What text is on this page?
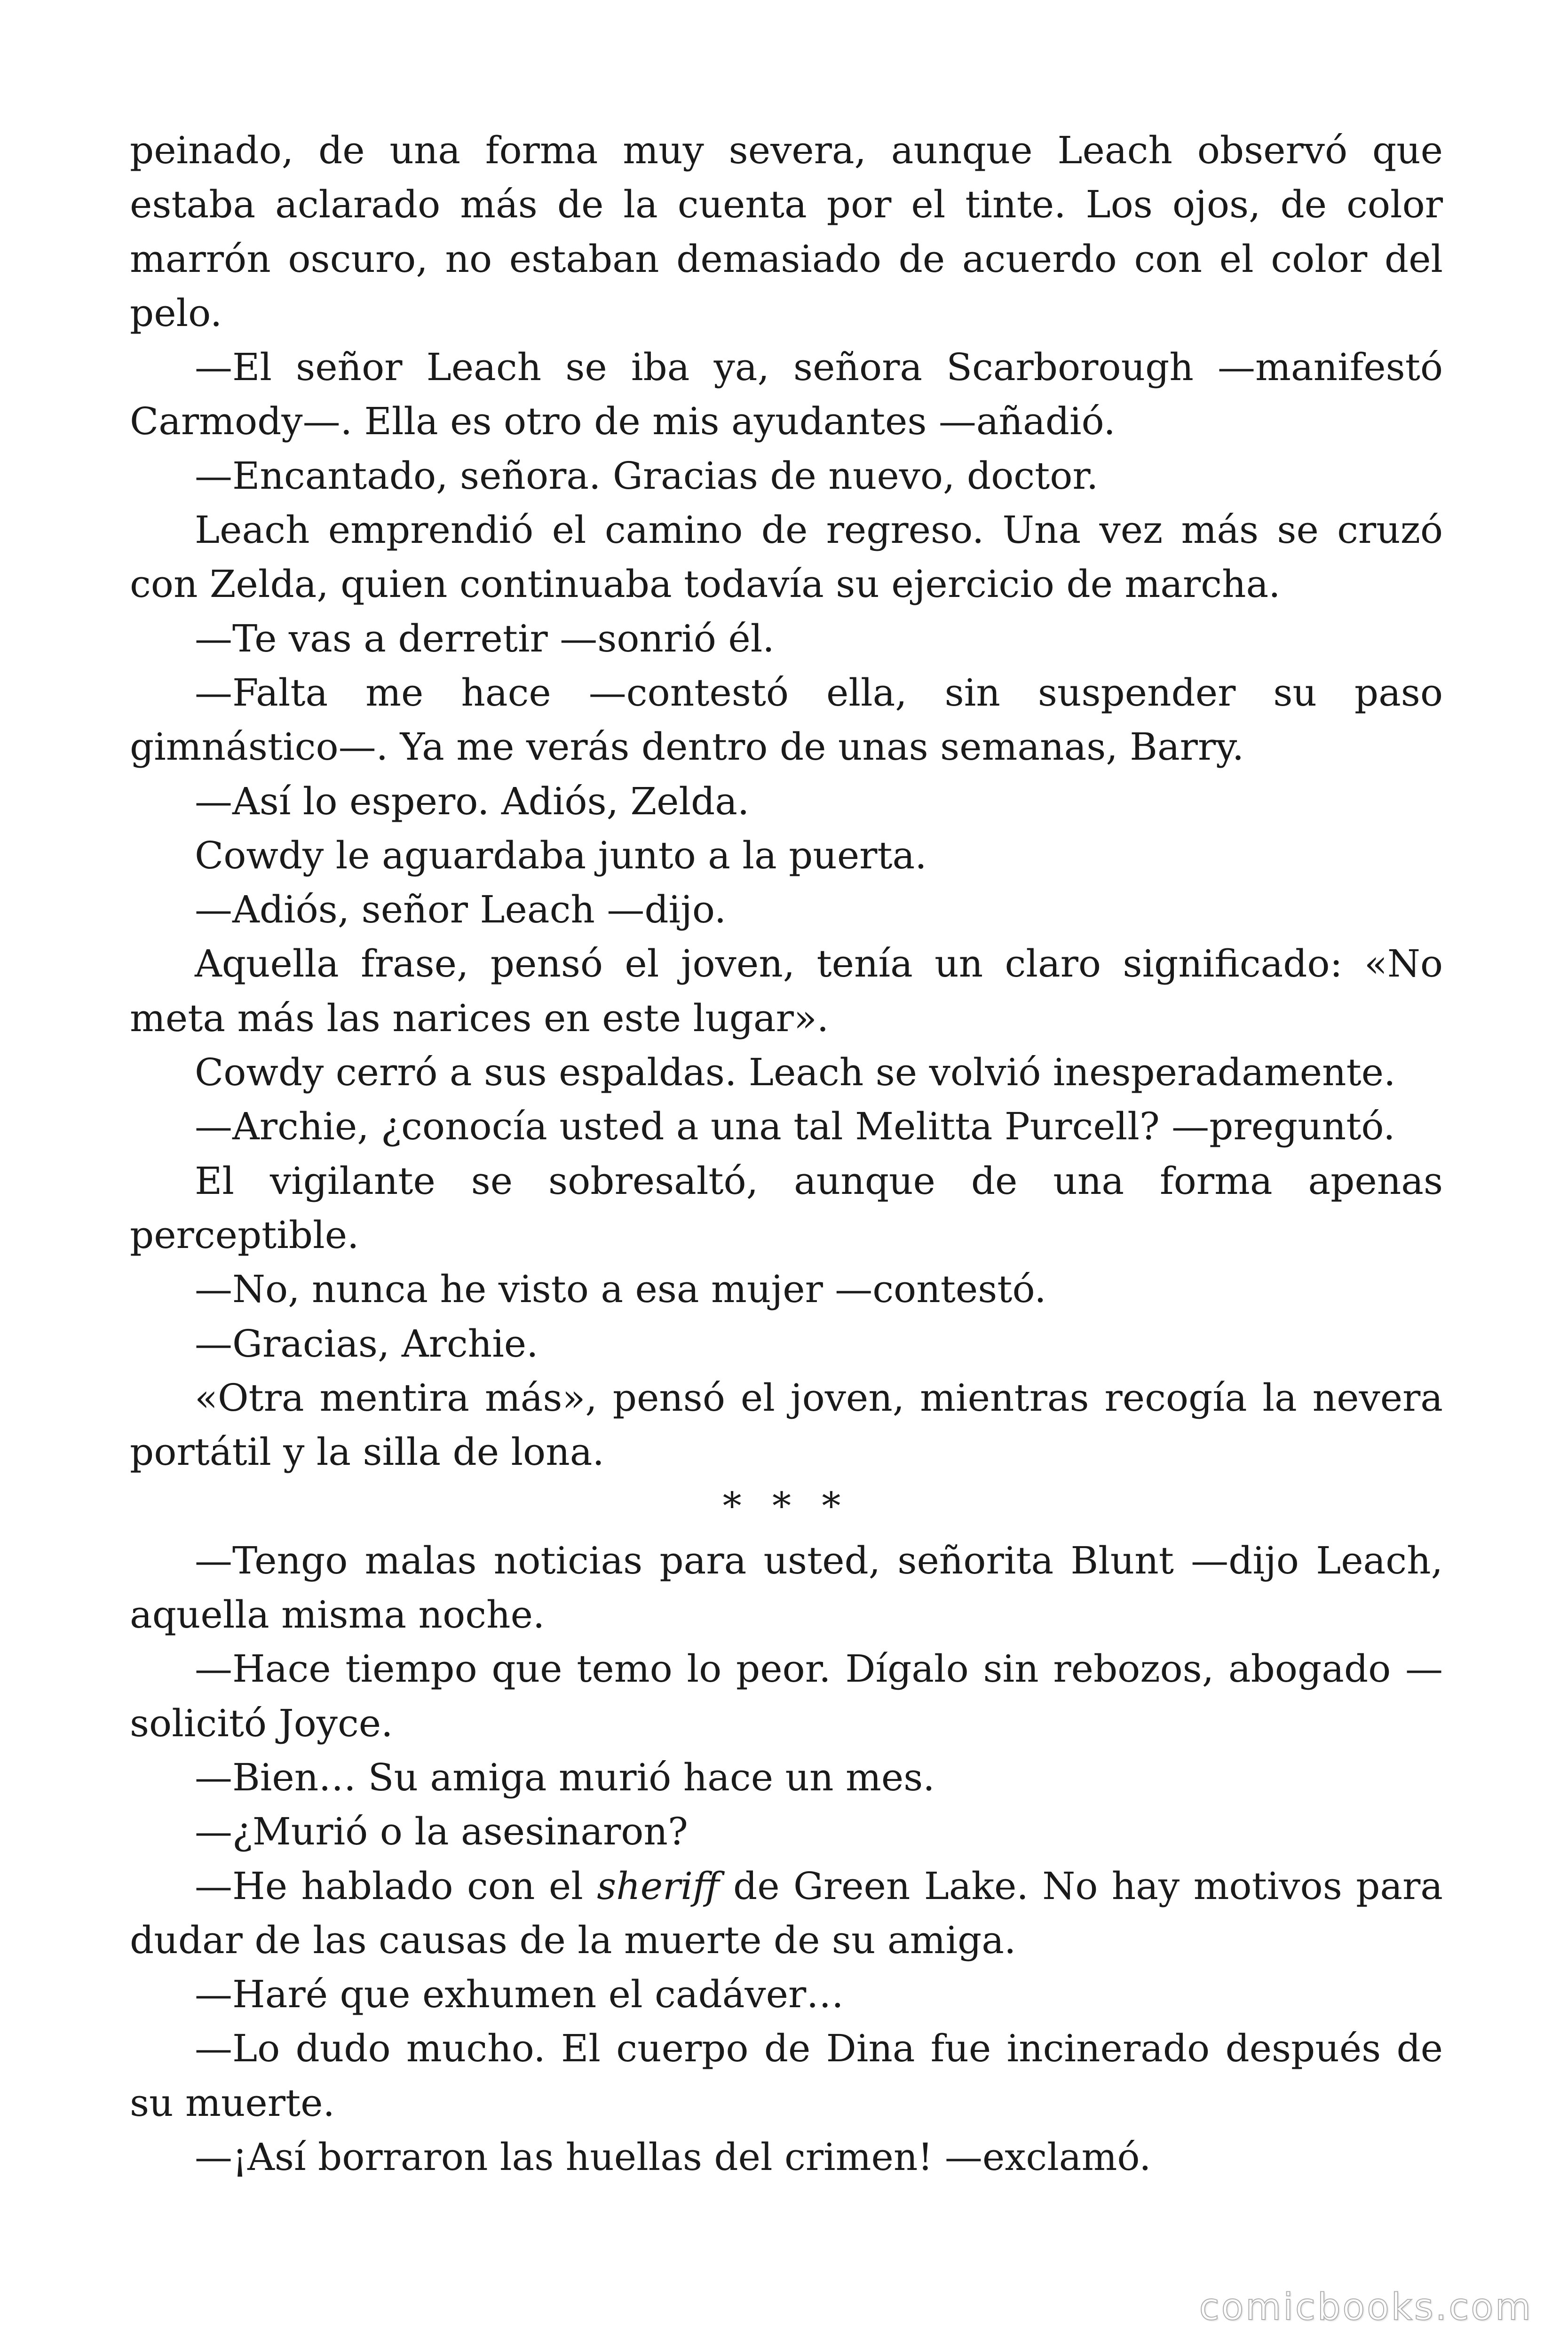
peinado, de una forma muy severa, aunque Leach observó que estaba aclarado más de la cuenta por el tinte. Los ojos, de color marrón oscuro, no estaban demasiado de acuerdo con el color del pelo.

—El señor Leach se iba ya, señora Scarborough —manifestó Carmody—. Ella es otro de mis ayudantes —añadió.

—Encantado, señora. Gracias de nuevo, doctor.

Leach emprendió el camino de regreso. Una vez más se cruzó con Zelda, quien continuaba todavía su ejercicio de marcha.

—Te vas a derretir —sonrió él.

—Falta me hace —contestó ella, sin suspender su paso gimnástico—. Ya me verás dentro de unas semanas, Barry.

—Así lo espero. Adiós, Zelda.

Cowdy le aguardaba junto a la puerta.

—Adiós, señor Leach —dijo.

Aquella frase, pensó el joven, tenía un claro significado: «No meta más las narices en este lugar».

Cowdy cerró a sus espaldas. Leach se volvió inesperadamente.

—Archie, ¿conocía usted a una tal Melitta Purcell? —preguntó.

El vigilante se sobresaltó, aunque de una forma apenas perceptible.

—No, nunca he visto a esa mujer —contestó.

—Gracias, Archie.

«Otra mentira más», pensó el joven, mientras recogía la nevera portátil y la silla de lona.

* * *

—Tengo malas noticias para usted, señorita Blunt —dijo Leach, aquella misma noche.

—Hace tiempo que temo lo peor. Dígalo sin rebozos, abogado —solicitó Joyce.

—Bien… Su amiga murió hace un mes.

—¿Murió o la asesinaron?

—He hablado con el sheriff de Green Lake. No hay motivos para dudar de las causas de la muerte de su amiga.

—Haré que exhumen el cadáver…

—Lo dudo mucho. El cuerpo de Dina fue incinerado después de su muerte.

—¡Así borraron las huellas del crimen! —exclamó.

comicbooks.com
